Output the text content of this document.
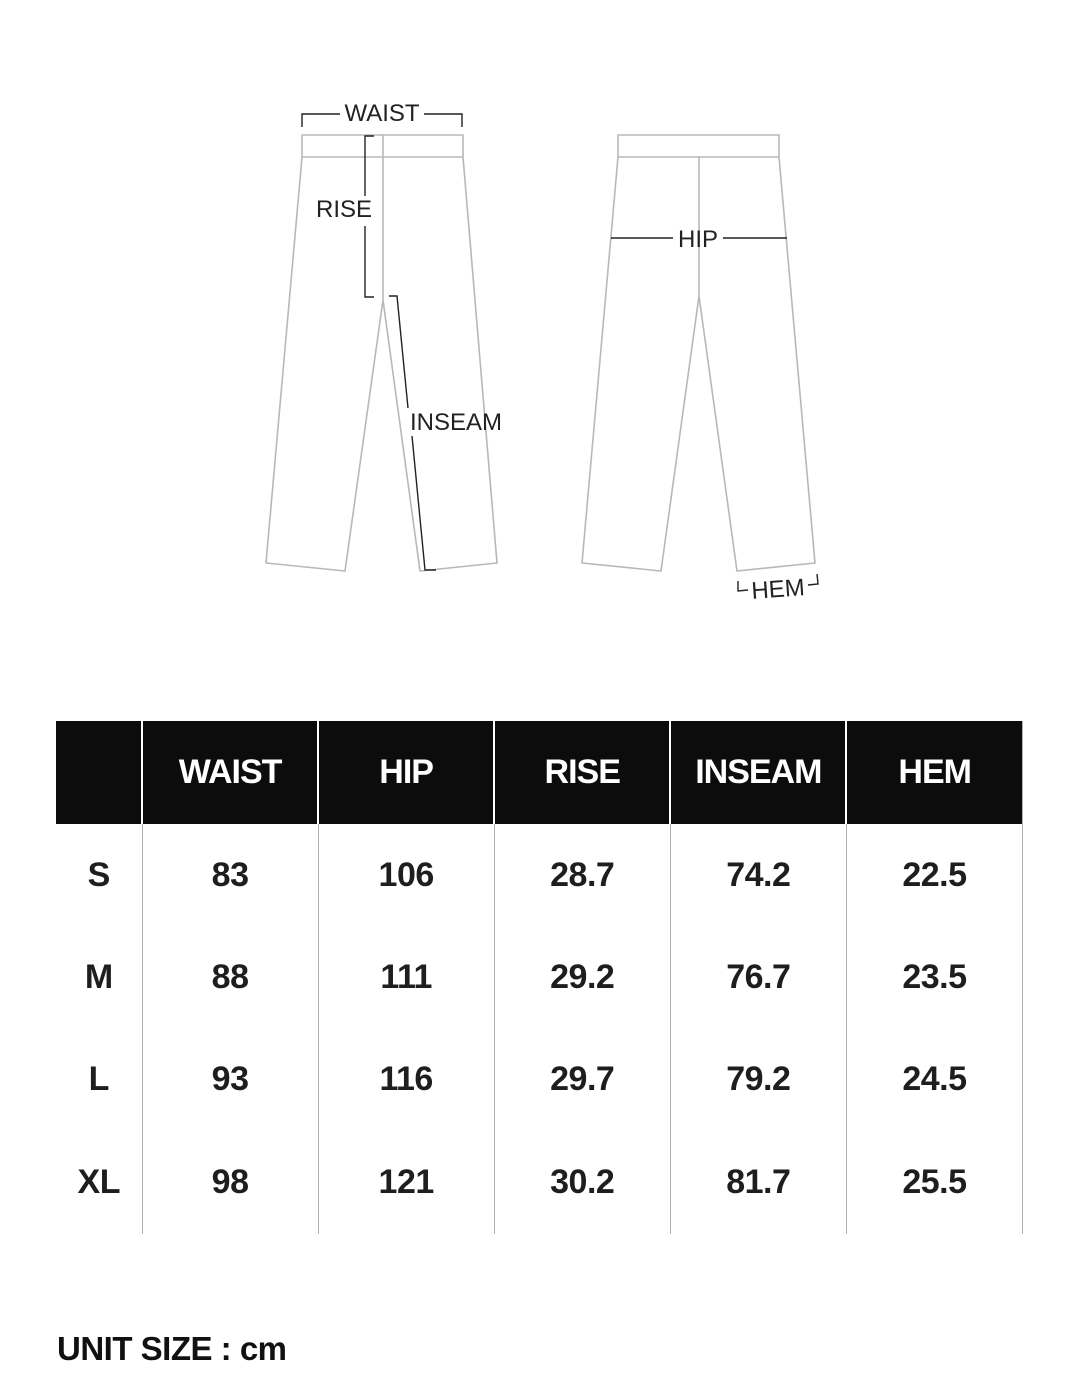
WAIST
RISE
INSEAM
HIP
HEM
	WAIST	HIP	RISE	INSEAM	HEM
S	83	106	28.7	74.2	22.5
M	88	111	29.2	76.7	23.5
L	93	116	29.7	79.2	24.5
XL	98	121	30.2	81.7	25.5

UNIT SIZE : cm
